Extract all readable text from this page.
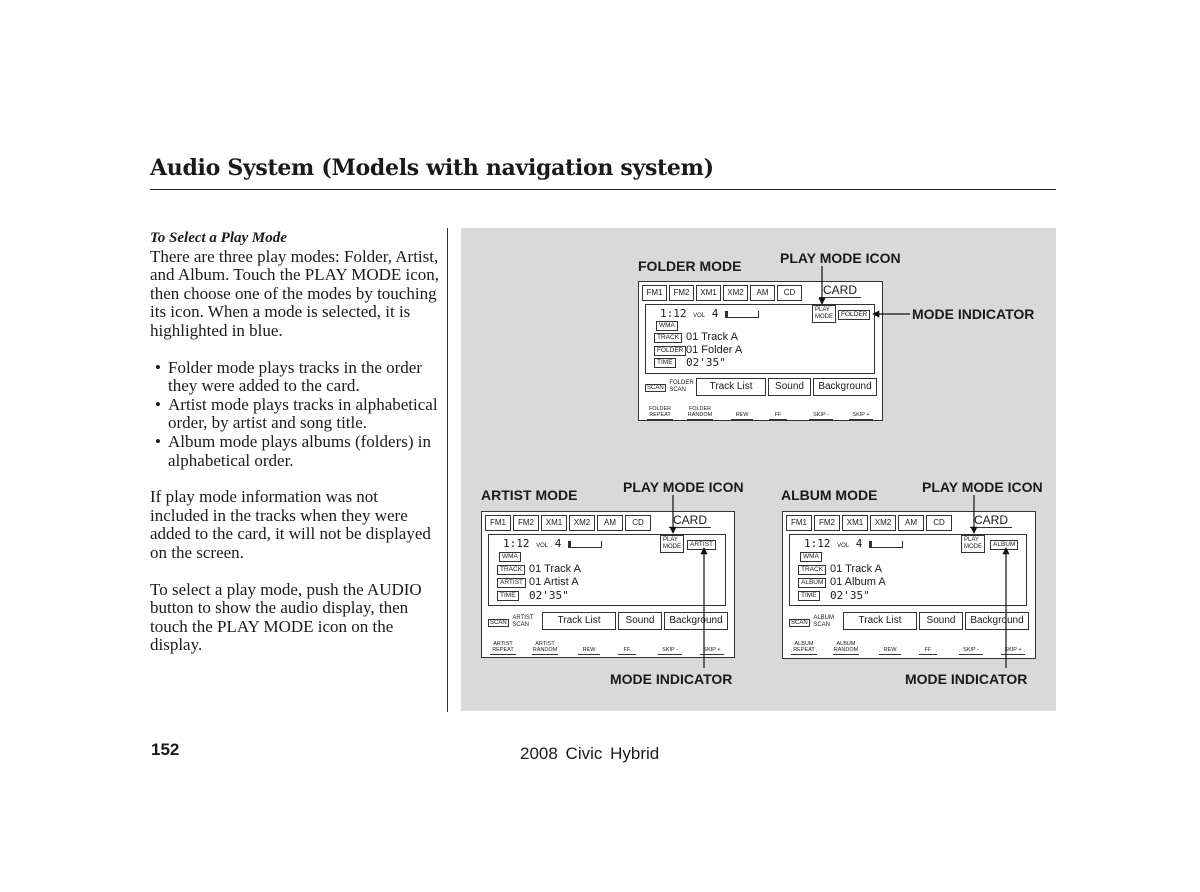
Audio System (Models with navigation system)
To Select a Play Mode

There are three play modes: Folder, Artist, and Album. Touch the PLAY MODE icon, then choose one of the modes by touching its icon. When a mode is selected, it is highlighted in blue.

• Folder mode plays tracks in the order they were added to the card.
• Artist mode plays tracks in alphabetical order, by artist and song title.
• Album mode plays albums (folders) in alphabetical order.

If play mode information was not included in the tracks when they were added to the card, it will not be displayed on the screen.

To select a play mode, push the AUDIO button to show the audio display, then touch the PLAY MODE icon on the display.

FOLDER MODE	PLAY MODE ICON
MODE INDICATOR
FM1	FM2	XM1	XM2	AM	CD	CARD
1:12 VOL 4
WMA
TRACK 01 Track A
FOLDER 01 Folder A
TIME 02'35"
PLAY
MODE	FOLDER
SCAN
FOLDER
SCAN	Track List	Sound	Background
FOLDER
REPEAT
FOLDER
RANDOM	REW	FF	SKIP -	SKIP +
ARTIST MODE	PLAY MODE ICON
MODE INDICATOR
FM1	FM2	XM1	XM2	AM	CD	CARD
1:12 VOL 4
WMA
TRACK 01 Track A
ARTIST 01 Artist A
TIME 02'35"
PLAY
MODE	ARTIST
SCAN
ARTIST
SCAN	Track List	Sound	Background
ARTIST
REPEAT
ARTIST
RANDOM	REW	FF	SKIP -	SKIP +
ALBUM MODE	PLAY MODE ICON
MODE INDICATOR
FM1	FM2	XM1	XM2	AM	CD	CARD
1:12 VOL 4
WMA
TRACK 01 Track A
ALBUM 01 Album A
TIME 02'35"
PLAY
MODE	ALBUM
SCAN
ALBUM
SCAN	Track List	Sound	Background
ALBUM
REPEAT
ALBUM
RANDOM	REW	FF	SKIP -	SKIP +
152	2008 Civic Hybrid
